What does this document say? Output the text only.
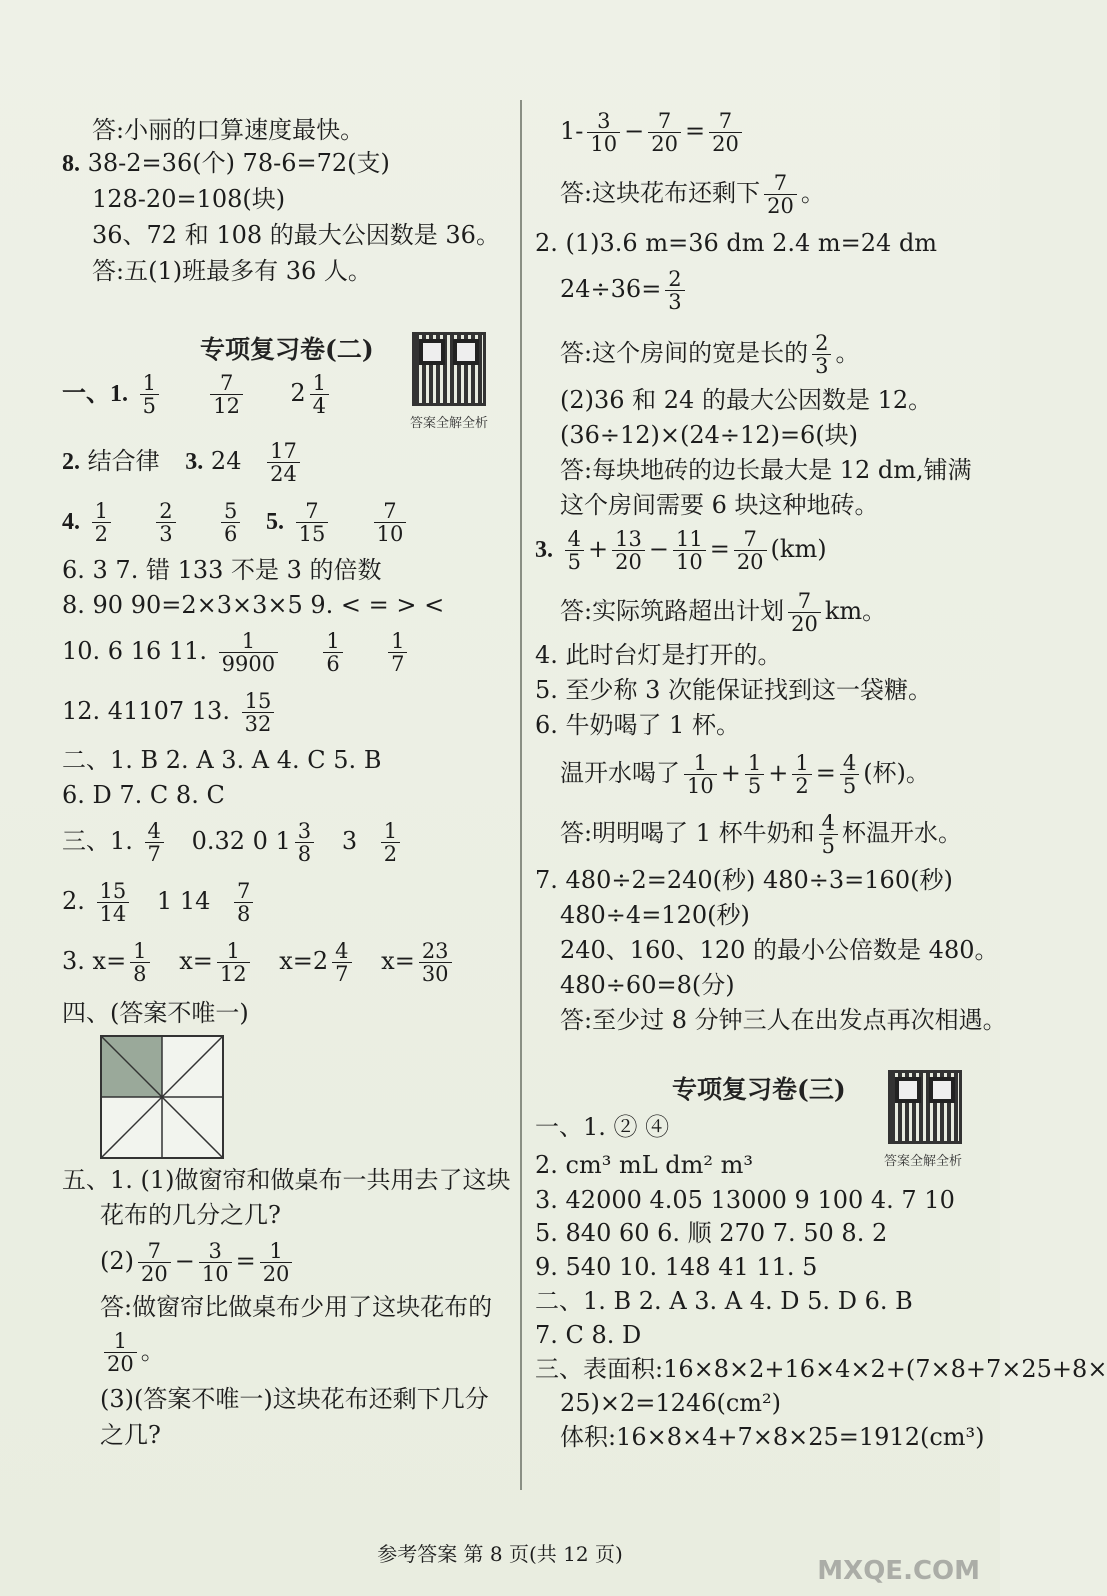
答:小丽的口算速度最快。
8. 38-2=36(个) 78-6=72(支)
128-20=108(块)
36、72 和 108 的最大公因数是 36。
答:五(1)班最多有 36 人。
专项复习卷(二)
答案全解全析
一、1. $\frac{1}{5}$
$\frac{7}{12} 2 \frac{1}{4}$
2. 结合律 3. $24 \frac{17}{24}$
4. $\frac{1}{2}$
$\frac{2}{3}$
$\frac{5}{6} 5$. $\frac{7}{15}$
$\frac{7}{10}$
6. 3 7. 错 133 不是 3 的倍数
8. 90 90=2×3×3×5 9. < = > <
10. 6 16 11. $\frac{1}{9900}$
$\frac{1}{6}$
$\frac{1}{7}$
12. 41107 13. $\frac{15}{32}$
二、1. B 2. A 3. A 4. C 5. B
6. D 7. C 8. C
三、1. $\frac{4}{7} 0.32$ 0 $1 \frac{3}{8} 3 \frac{1}{2}$
2. $\frac{15}{14} 1$ $14 \frac{7}{8}$
3. $x= \frac{1}{8} x= \frac{1}{12} x=2 \frac{4}{7} x= \frac{23}{30}$
四、(答案不唯一)
五、1. (1)做窗帘和做桌布一共用去了这块
花布的几分之几?
$(2) \frac{7}{20} - \frac{3}{10} = \frac{1}{20}$
答:做窗帘比做桌布少用了这块花布的
$\frac{1}{20}$ 。
(3)(答案不唯一)这块花布还剩下几分
之几?
$1- \frac{3}{10} - \frac{7}{20} = \frac{7}{20}$
答:这块花布还剩下 $\frac{7}{20}$ 。
2. (1)3.6 m=36 dm 2.4 m=24 dm
$24\div 36= \frac{2}{3}$
答:这个房间的宽是长的 $\frac{2}{3}$ 。
(2)36 和 24 的最大公因数是 12。
(36÷12)×(24÷12)=6(块)
答:每块地砖的边长最大是 12 dm,铺满
这个房间需要 6 块这种地砖。
3. $\frac{4}{5} + \frac{13}{20} - \frac{11}{10} = \frac{7}{20} (km)$
答:实际筑路超出计划 $\frac{7}{20}$ km。
4. 此时台灯是打开的。
5. 至少称 3 次能保证找到这一袋糖。
6. 牛奶喝了 1 杯。
温开水喝了 $\frac{1}{10} + \frac{1}{5} + \frac{1}{2} = \frac{4}{5}$ (杯)。
答:明明喝了 1 杯牛奶和 $\frac{4}{5}$ 杯温开水。
7. 480÷2=240(秒) 480÷3=160(秒)
480÷4=120(秒)
240、160、120 的最小公倍数是 480。
480÷60=8(分)
答:至少过 8 分钟三人在出发点再次相遇。
专项复习卷(三)
答案全解全析
一、1. ② ④
2. cm³ mL dm² m³
3. 42000 4.05 13000 9 100 4. 7 10
5. 840 60 6. 顺 270 7. 50 8. 2
9. 540 10. 148 41 11. 5
二、1. B 2. A 3. A 4. D 5. D 6. B
7. C 8. D
三、表面积:16×8×2+16×4×2+(7×8+7×25+8×
25)×2=1246(cm²)
体积:16×8×4+7×8×25=1912(cm³)
参考答案 第 8 页(共 12 页)
MXQE.COM
